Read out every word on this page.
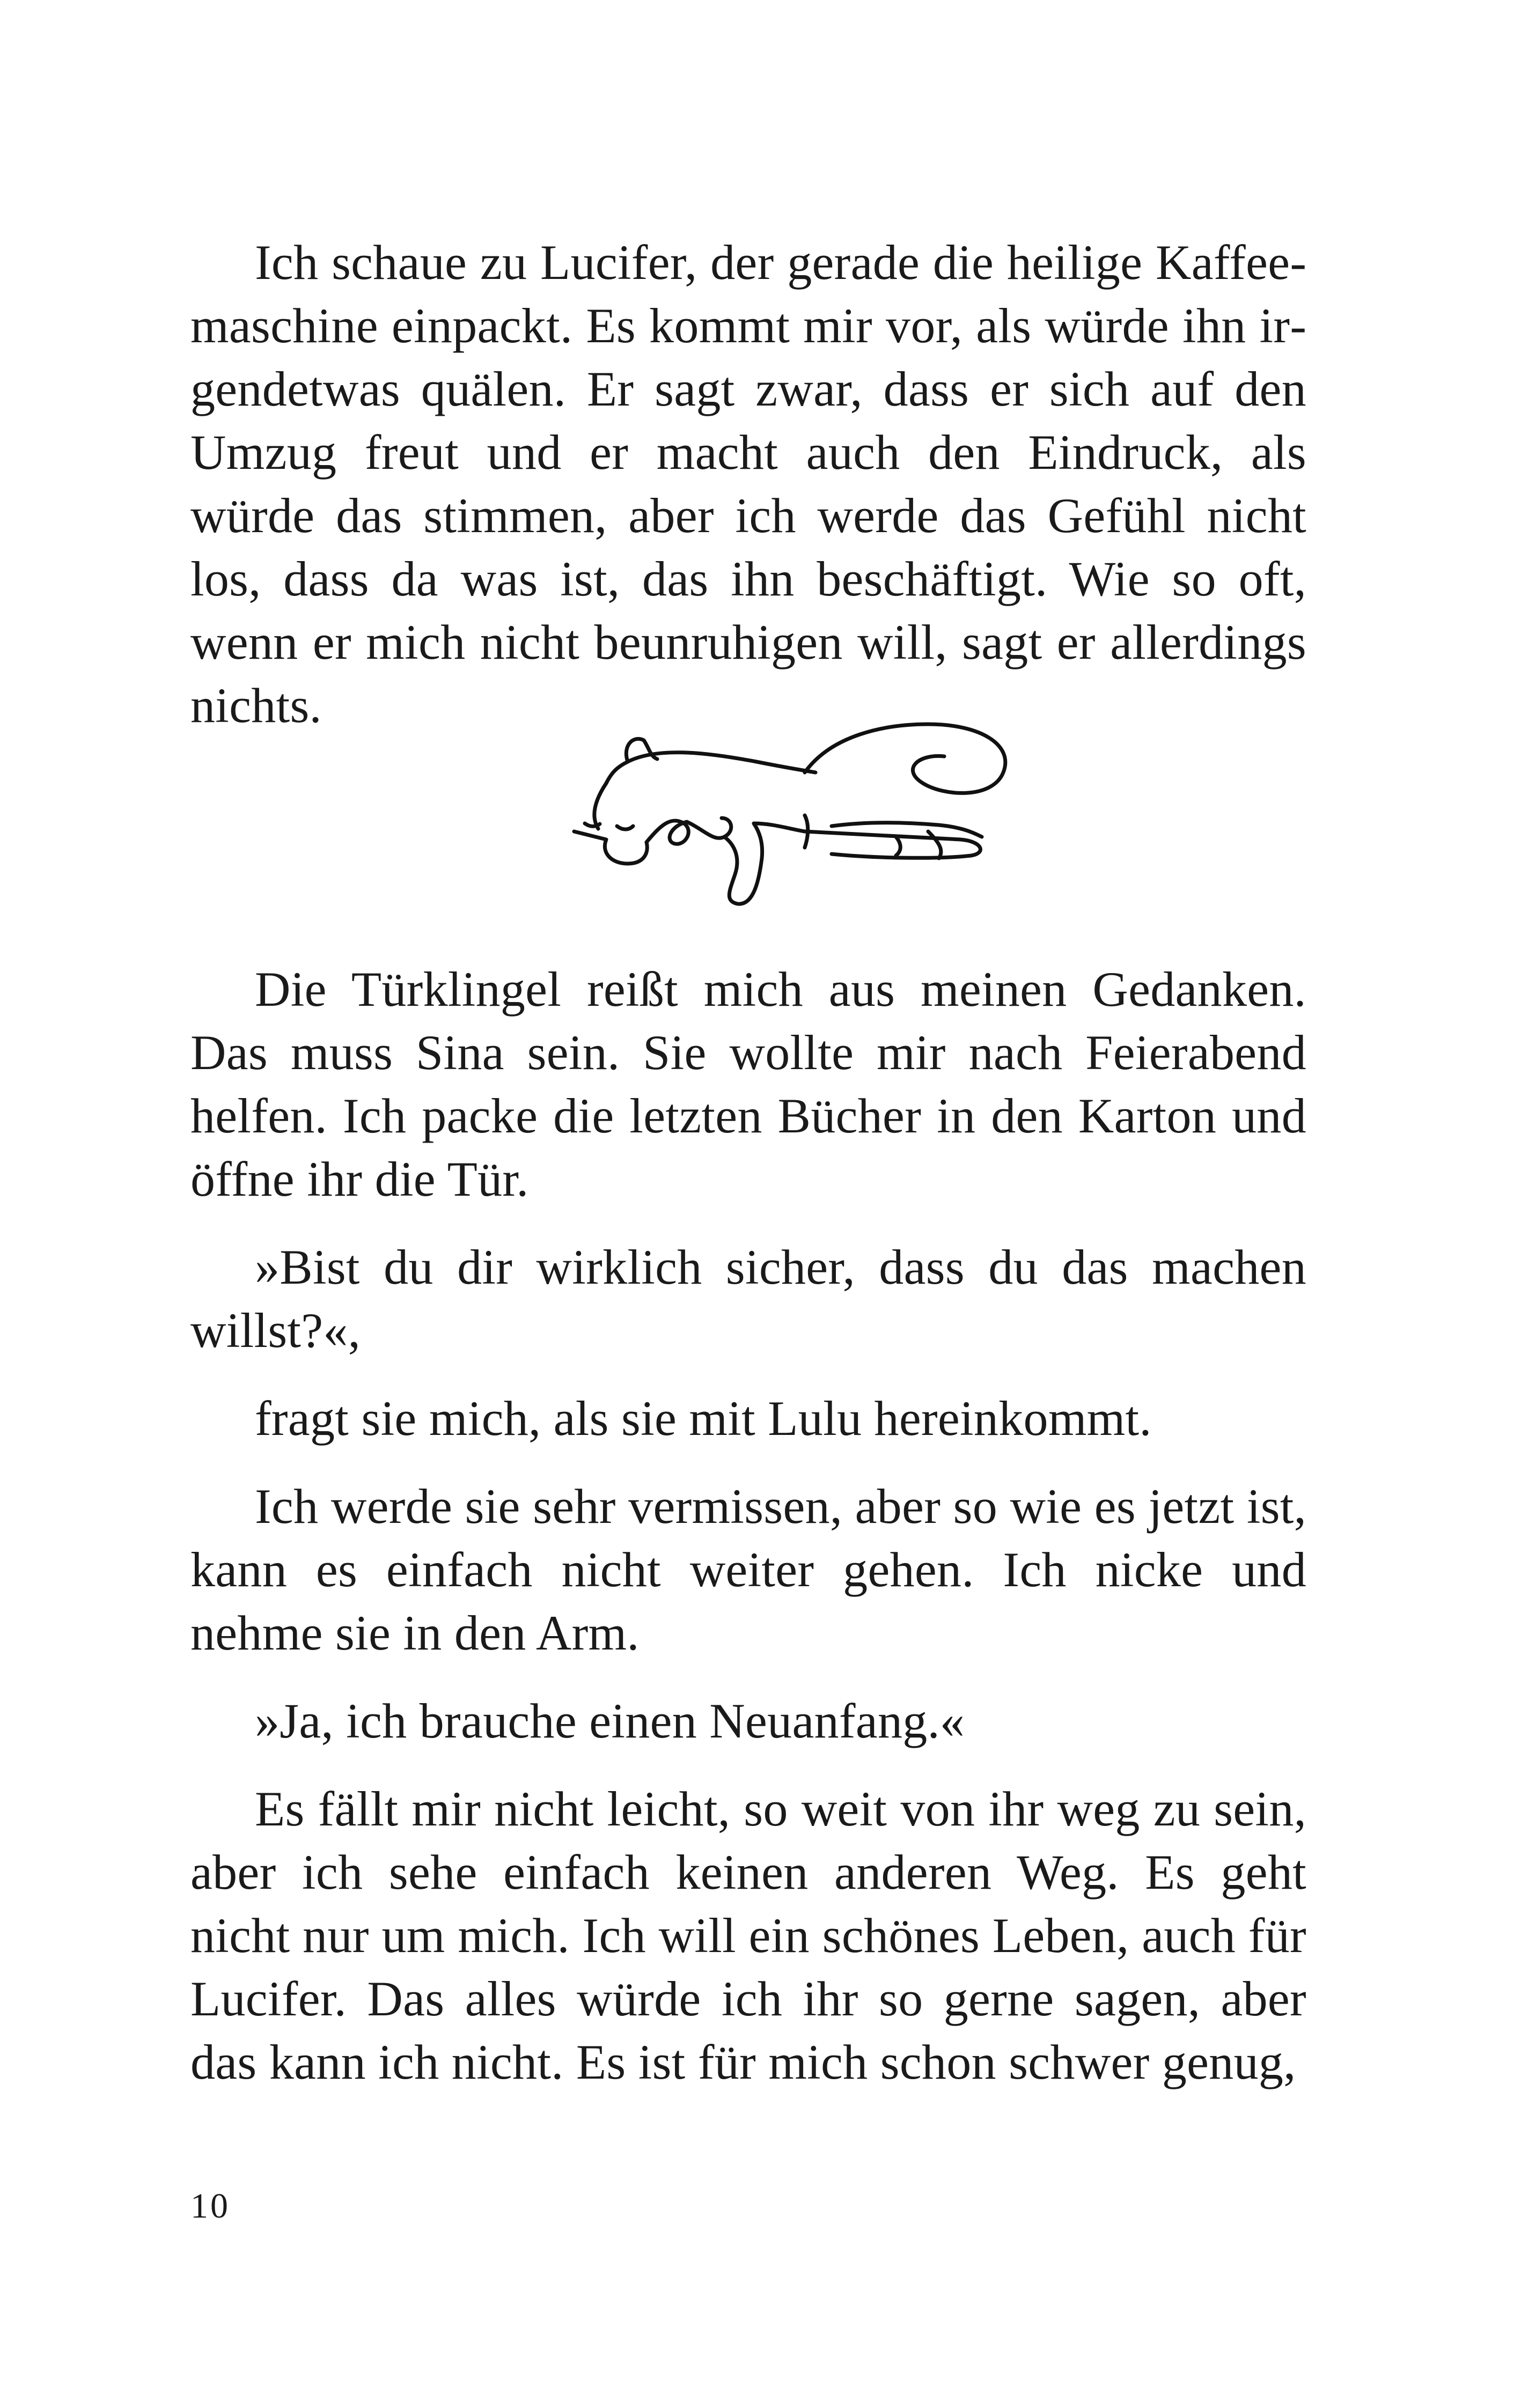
Ich schaue zu Lucifer, der gerade die heilige Kaffeemaschine einpackt. Es kommt mir vor, als würde ihn irgendetwas quälen. Er sagt zwar, dass er sich auf den Umzug freut und er macht auch den Eindruck, als würde das stimmen, aber ich werde das Gefühl nicht los, dass da was ist, das ihn beschäftigt. Wie so oft, wenn er mich nicht beunruhigen will, sagt er allerdings nichts.

Die Türklingel reißt mich aus meinen Gedanken. Das muss Sina sein. Sie wollte mir nach Feierabend helfen. Ich packe die letzten Bücher in den Karton und öffne ihr die Tür.

»Bist du dir wirklich sicher, dass du das machen willst?«,

fragt sie mich, als sie mit Lulu hereinkommt.

Ich werde sie sehr vermissen, aber so wie es jetzt ist, kann es einfach nicht weiter gehen. Ich nicke und nehme sie in den Arm.

»Ja, ich brauche einen Neuanfang.«

Es fällt mir nicht leicht, so weit von ihr weg zu sein, aber ich sehe einfach keinen anderen Weg. Es geht nicht nur um mich. Ich will ein schönes Leben, auch für Lucifer. Das alles würde ich ihr so gerne sagen, aber das kann ich nicht. Es ist für mich schon schwer genug,

10
